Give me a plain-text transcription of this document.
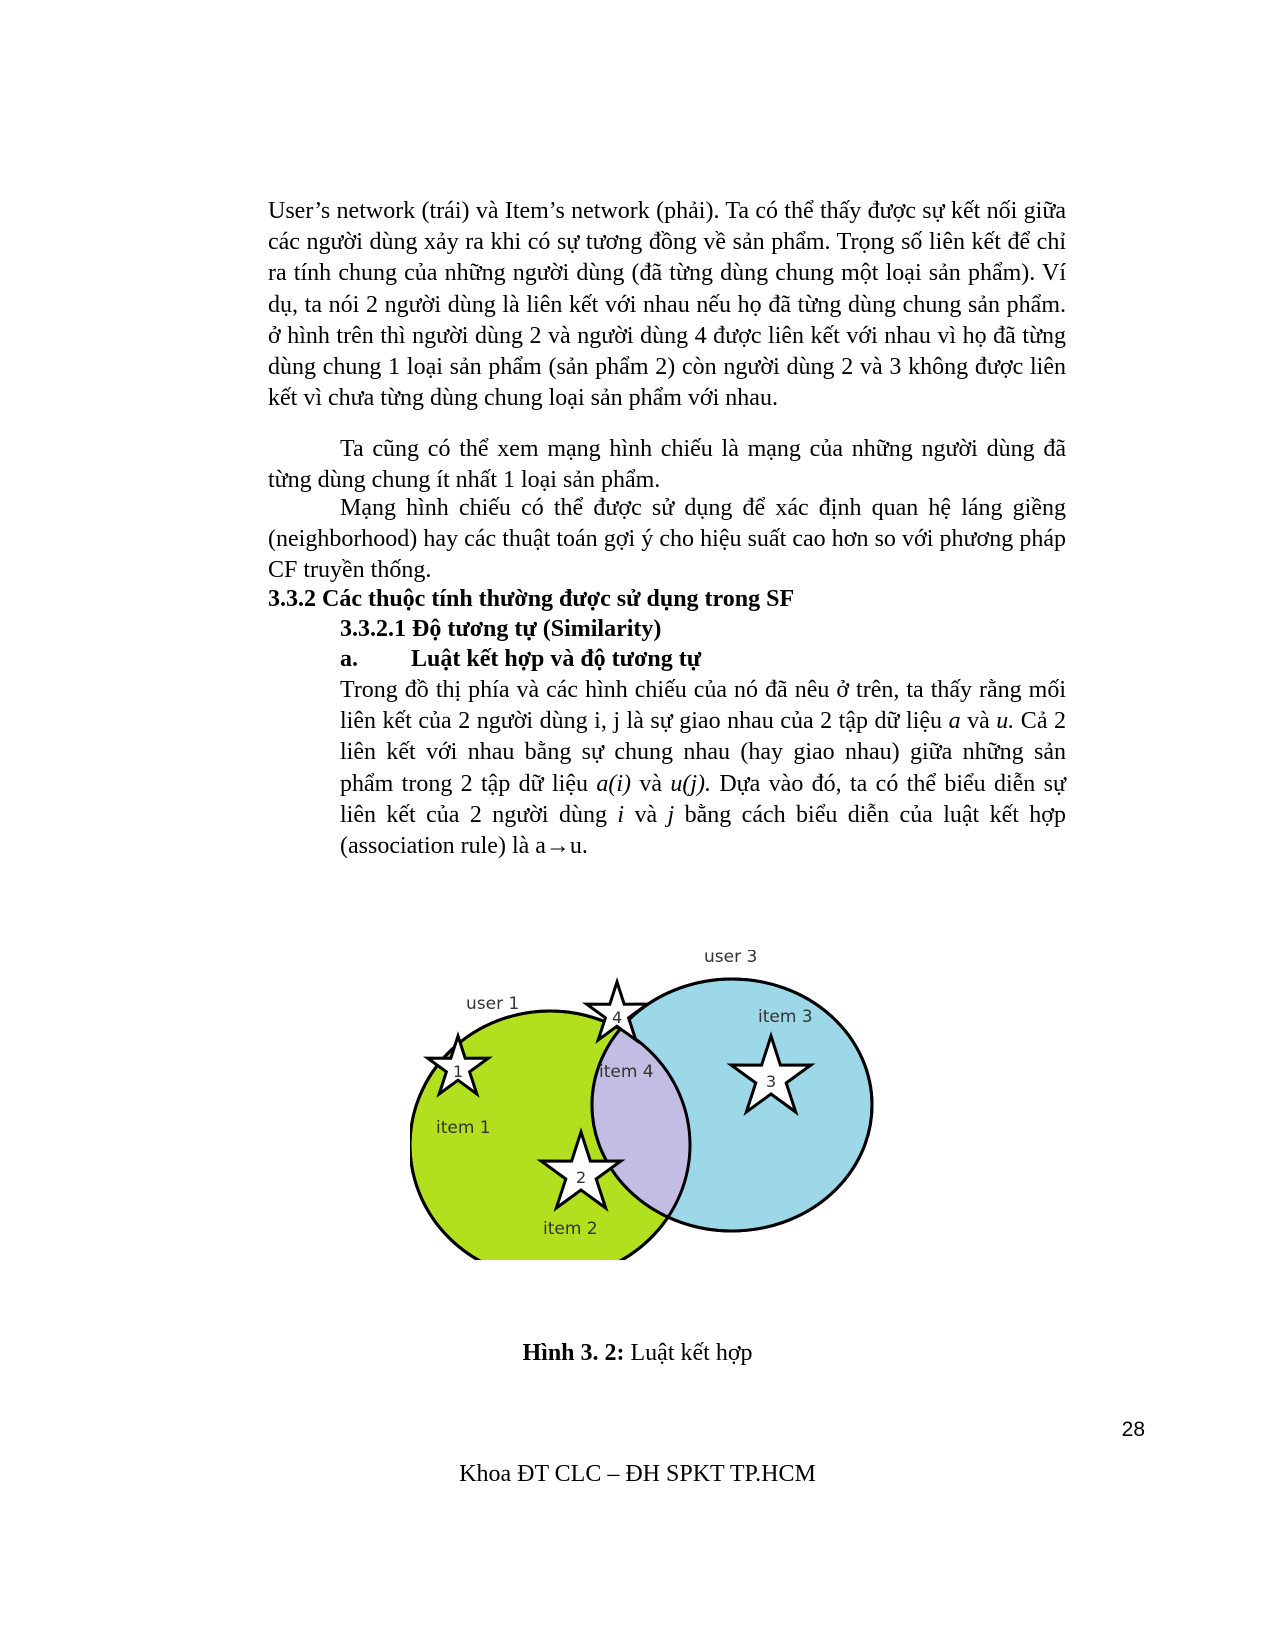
User’s network (trái) và Item’s network (phải). Ta có thể thấy được sự kết nối giữa các người dùng xảy ra khi có sự tương đồng về sản phẩm. Trọng số liên kết để chỉ ra tính chung của những người dùng (đã từng dùng chung một loại sản phẩm). Ví dụ, ta nói 2 người dùng là liên kết với nhau nếu họ đã từng dùng chung sản phẩm. ở hình trên thì người dùng 2 và người dùng 4 được liên kết với nhau vì họ đã từng dùng chung 1 loại sản phẩm (sản phẩm 2) còn người dùng 2 và 3 không được liên kết vì chưa từng dùng chung loại sản phẩm với nhau.

Ta cũng có thể xem mạng hình chiếu là mạng của những người dùng đã từng dùng chung ít nhất 1 loại sản phẩm.

Mạng hình chiếu có thể được sử dụng để xác định quan hệ láng giềng (neighborhood) hay các thuật toán gợi ý cho hiệu suất cao hơn so với phương pháp CF truyền thống.

3.3.2 Các thuộc tính thường được sử dụng trong SF
3.3.2.1 Độ tương tự (Similarity)
a. Luật kết hợp và độ tương tự

Trong đồ thị phía và các hình chiếu của nó đã nêu ở trên, ta thấy rằng mối liên kết của 2 người dùng i, j là sự giao nhau của 2 tập dữ liệu a và u. Cả 2 liên kết với nhau bằng sự chung nhau (hay giao nhau) giữa những sản phẩm trong 2 tập dữ liệu a(i) và u(j). Dựa vào đó, ta có thể biểu diễn sự liên kết của 2 người dùng i và j bằng cách biểu diễn của luật kết hợp (association rule) là a→u.

user 3
user 1
item 3
item 4
item 1
item 2
1
4
3
2
Hình 3. 2: Luật kết hợp
28
Khoa ĐT CLC – ĐH SPKT TP.HCM
